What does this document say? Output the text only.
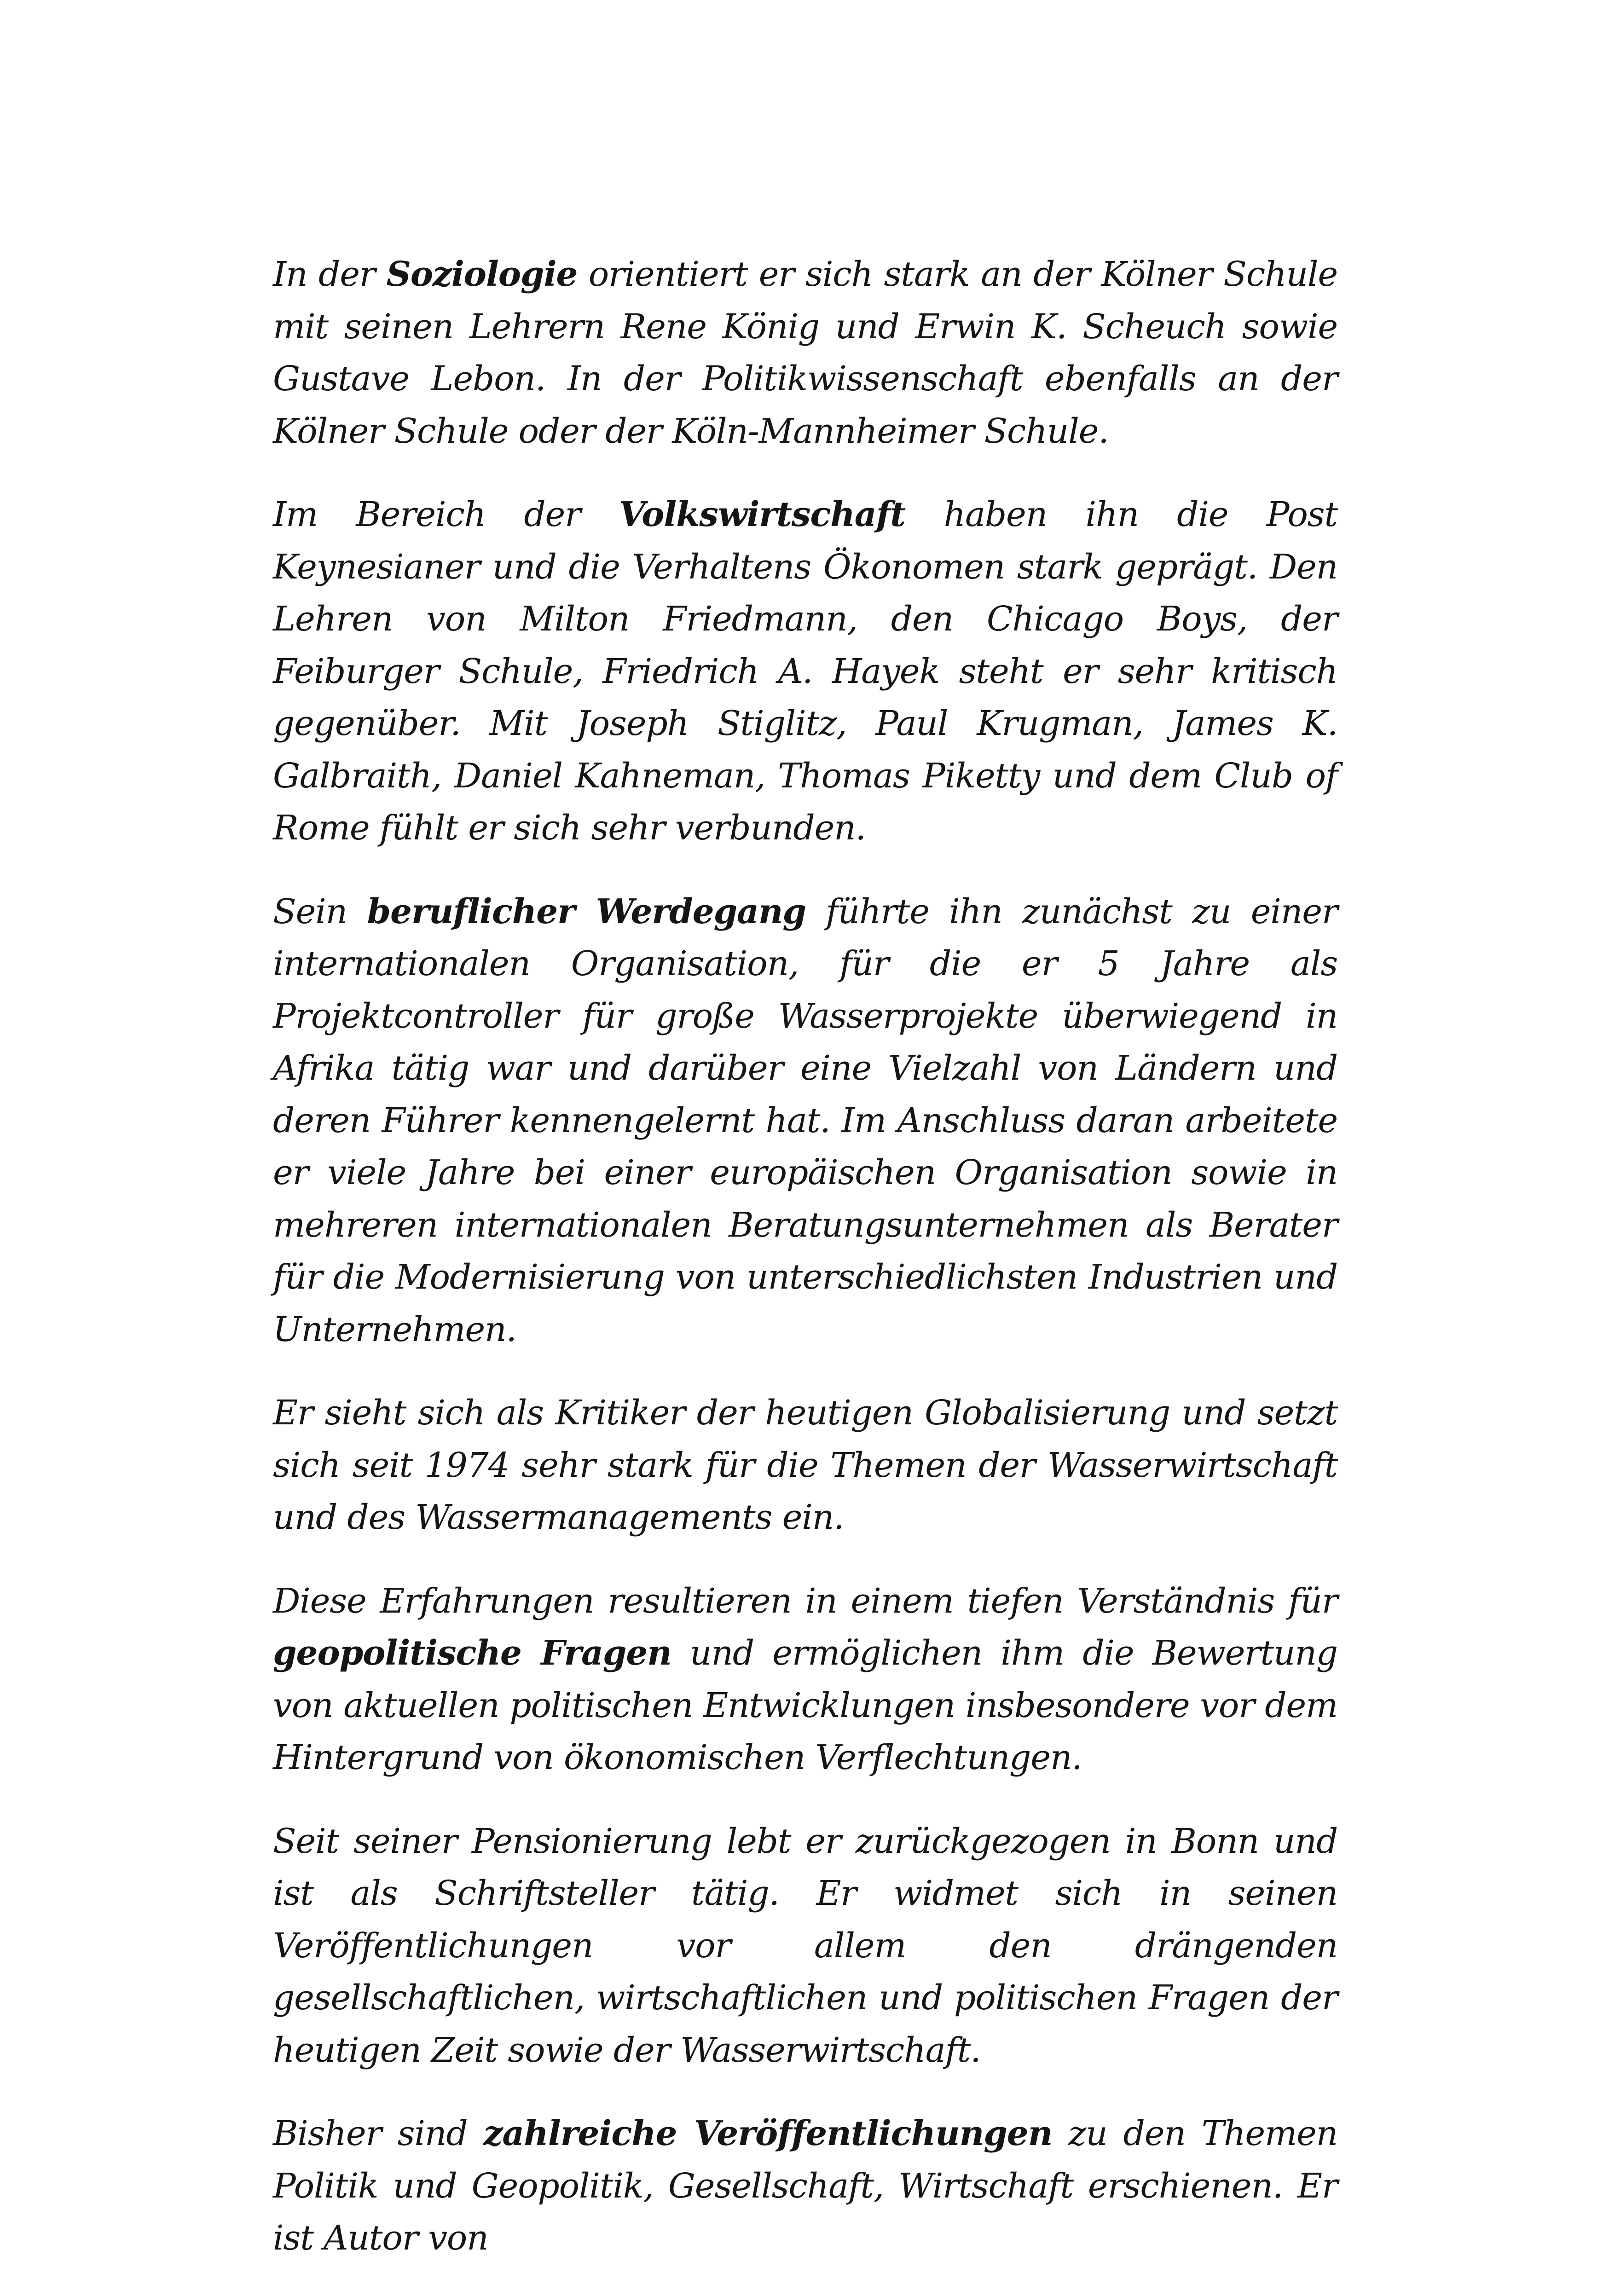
In der Soziologie orientiert er sich stark an der Kölner Schule mit seinen Lehrern Rene König und Erwin K. Scheuch sowie Gustave Lebon. In der Politikwissenschaft ebenfalls an der Kölner Schule oder der Köln-Mannheimer Schule.

Im Bereich der Volkswirtschaft haben ihn die Post Keynesianer und die Verhaltens Ökonomen stark geprägt. Den Lehren von Milton Friedmann, den Chicago Boys, der Feiburger Schule, Friedrich A. Hayek steht er sehr kritisch gegenüber. Mit Joseph Stiglitz, Paul Krugman, James K. Galbraith, Daniel Kahneman, Thomas Piketty und dem Club of Rome fühlt er sich sehr verbunden.

Sein beruflicher Werdegang führte ihn zunächst zu einer internationalen Organisation, für die er 5 Jahre als Projektcontroller für große Wasserprojekte überwiegend in Afrika tätig war und darüber eine Vielzahl von Ländern und deren Führer kennengelernt hat. Im Anschluss daran arbeitete er viele Jahre bei einer europäischen Organisation sowie in mehreren internationalen Beratungsunternehmen als Berater für die Modernisierung von unterschiedlichsten Industrien und Unternehmen.

Er sieht sich als Kritiker der heutigen Globalisierung und setzt sich seit 1974 sehr stark für die Themen der Wasserwirtschaft und des Wassermanagements ein.

Diese Erfahrungen resultieren in einem tiefen Verständnis für geopolitische Fragen und ermöglichen ihm die Bewertung von aktuellen politischen Entwicklungen insbesondere vor dem Hintergrund von ökonomischen Verflechtungen.

Seit seiner Pensionierung lebt er zurückgezogen in Bonn und ist als Schriftsteller tätig. Er widmet sich in seinen Veröffentlichungen vor allem den drängenden gesellschaftlichen, wirtschaftlichen und politischen Fragen der heutigen Zeit sowie der Wasserwirtschaft.

Bisher sind zahlreiche Veröffentlichungen zu den Themen Politik und Geopolitik, Gesellschaft, Wirtschaft erschienen. Er ist Autor von
